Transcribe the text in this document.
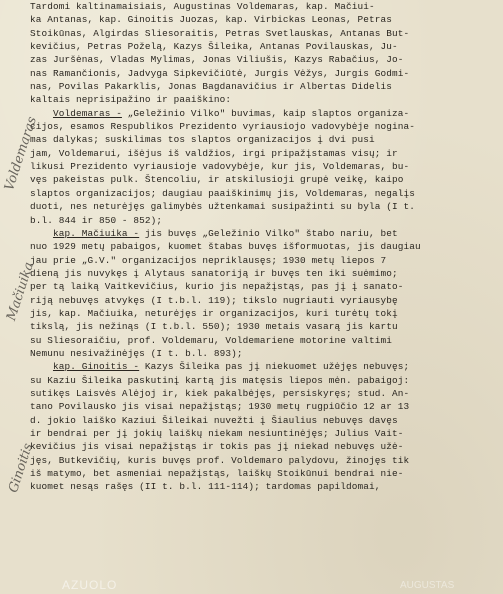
Tardomi kaltinamaisiais, Augustinas Voldemaras, kap. Mačiui-
ka Antanas, kap. Ginoitis Juozas, kap. Virbickas Leonas, Petras
Stoikūnas, Algirdas Sliesoraitis, Petras Svetlauskas, Antanas But-
kevičius, Petras Poželą, Kazys Šileika, Antanas Povilauskas, Ju-
zas Juršėnas, Vladas Mylimas, Jonas Viliušis, Kazys Rabačius, Jo-
nas Ramančionis, Jadvyga Sipkevičiūtė, Jurgis Vėžys, Jurgis Godmi-
nas, Povilas Pakarklis, Jonas Bagdanavičius ir Albertas Didelis
kaltais neprisipažino ir paaiškino:
Voldemaras - „Geležinio Vilko" buvimas, kaip slaptos organiza-
cijos, esamos Respublikos Prezidento vyriausiojo vadovybėje nogina-
mas dalykas; suskilimas tos slaptos organizacijos į dvi pusi
jam, Voldemarui, išėjus iš valdžios, irgi pripažįstamas visų; ir
likusi Prezidento vyriausioje vadovybėje, kur jis, Voldemaras, bu-
vęs pakeistas pulk. Štencoliu, ir atskilusioji grupė veikę, kaipo
slaptos organizacijos; daugiau paaiškinimų jis, Voldemaras, negalįs
duoti, nes neturėjęs galimybės užtenkamai susipažinti su byla (I t.
b.l. 844 ir 850 - 852);
kap. Mačiuika - jis buvęs „Geležinio Vilko" štabo nariu, bet
nuo 1929 metų pabaigos, kuomet štabas buvęs išformuotas, jis daugiau
jau prie „G.V." organizacijos nepriklausęs; 1930 metų liepos 7
dieną jis nuvykęs į Alytaus sanatoriją ir buvęs ten iki suėmimo;
per tą laiką Vaitkevičius, kurio jis nepažįstąs, pas jį į sanato-
riją nebuvęs atvykęs (I t.b.l. 119); tikslo nugriauti vyriausybę
jis, kap. Mačiuika, neturėjęs ir organizacijos, kuri turėtų tokį
tikslą, jis nežinąs (I t.b.l. 550); 1930 metais vasarą jis kartu
su Sliesoraičiu, prof. Voldemaru, Voldemariene motorine valtimi
Nemunu nesivažinėjęs (I t. b.l. 893);
kap. Ginoitis - Kazys Šileika pas jį niekuomet užėjęs nebuvęs;
su Kaziu Šileika paskutinį kartą jis matęsis liepos mėn. pabaigoj:
sutikęs Laisvės Alėjoj ir, kiek pakalbėjęs, persiskyręs; stud. An-
tano Povilausko jis visai nepažįstąs; 1930 metų rugpiūčio 12 ar 13
d. jokio laiško Kaziui Šileikai nuvežti į Šiaulius nebuvęs davęs
ir bendrai per jį jokių laiškų niekam nesiuntinėjęs; Julius Vait-
kevičius jis visai nepažįstąs ir tokis pas jį niekad nebuvęs užė-
jęs, Butkevičių, kuris buvęs prof. Voldemaro palydovu, žinojęs tik
iš matymo, bet asmeniai nepažįstąs, laiškų Stoikūnui bendrai nie-
kuomet nesąs rašęs (II t. b.l. 111-114); tardomas papildomai,
Voldemaras
Mačiuika
Ginoitis
AZUOLO	AUGUSTAS
